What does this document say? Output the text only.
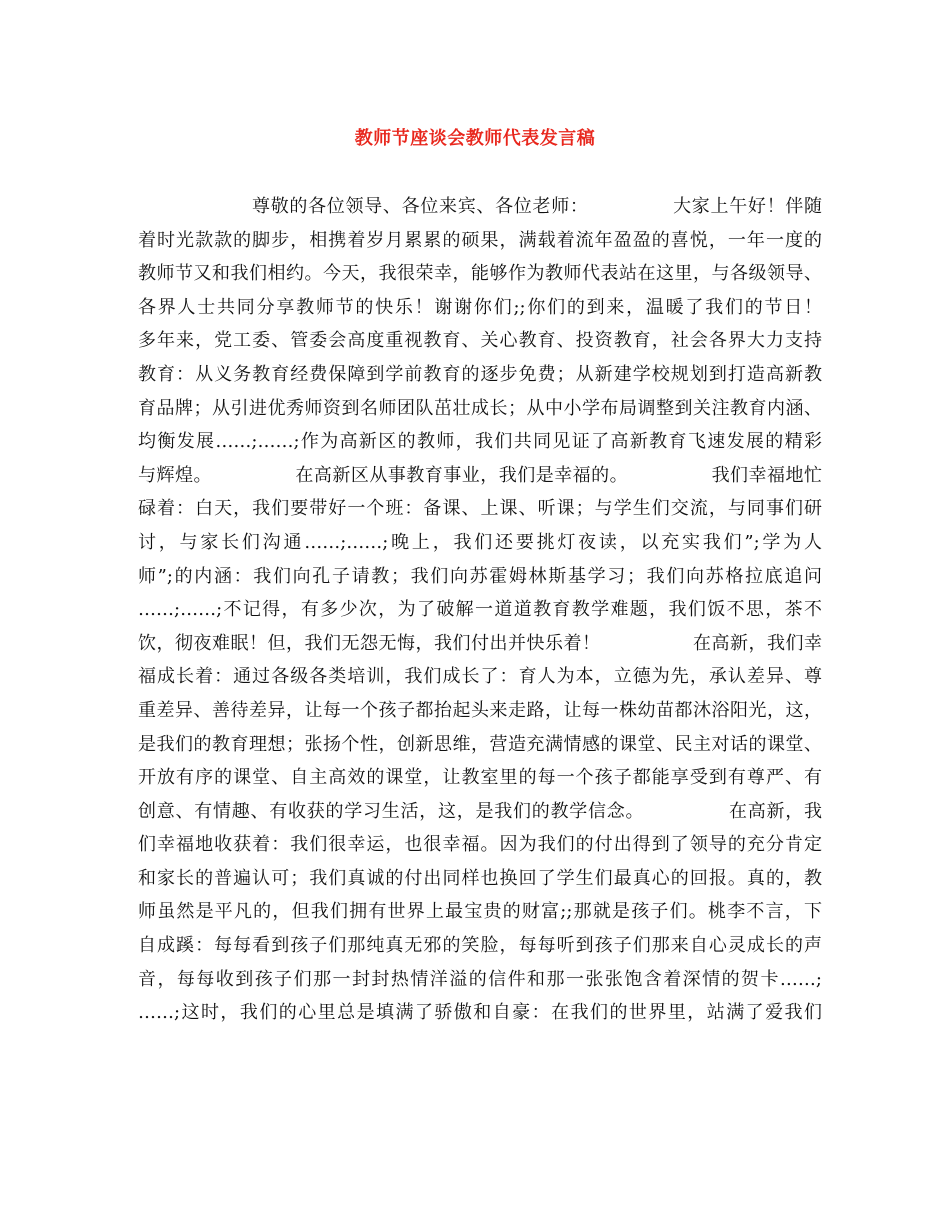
教师节座谈会教师代表发言稿
尊敬的各位领导、各位来宾、各位老师：　　　　　大家上午好！伴随
着时光款款的脚步，相携着岁月累累的硕果，满载着流年盈盈的喜悦，一年一度的
教师节又和我们相约。今天，我很荣幸，能够作为教师代表站在这里，与各级领导、
各界人士共同分享教师节的快乐！谢谢你们;;你们的到来，温暖了我们的节日！
多年来，党工委、管委会高度重视教育、关心教育、投资教育，社会各界大力支持
教育：从义务教育经费保障到学前教育的逐步免费；从新建学校规划到打造高新教
育品牌；从引进优秀师资到名师团队茁壮成长；从中小学布局调整到关注教育内涵、
均衡发展……;……;作为高新区的教师，我们共同见证了高新教育飞速发展的精彩
与辉煌。　　　　　在高新区从事教育事业，我们是幸福的。　　　　　我们幸福地忙
碌着：白天，我们要带好一个班：备课、上课、听课；与学生们交流，与同事们研
讨，与家长们沟通……;……;晚上，我们还要挑灯夜读，以充实我们”;学为人
师”;的内涵：我们向孔子请教；我们向苏霍姆林斯基学习；我们向苏格拉底追问
……;……;不记得，有多少次，为了破解一道道教育教学难题，我们饭不思，茶不
饮，彻夜难眠！但，我们无怨无悔，我们付出并快乐着！　　　　　在高新，我们幸
福成长着：通过各级各类培训，我们成长了：育人为本，立德为先，承认差异、尊
重差异、善待差异，让每一个孩子都抬起头来走路，让每一株幼苗都沐浴阳光，这，
是我们的教育理想；张扬个性，创新思维，营造充满情感的课堂、民主对话的课堂、
开放有序的课堂、自主高效的课堂，让教室里的每一个孩子都能享受到有尊严、有
创意、有情趣、有收获的学习生活，这，是我们的教学信念。　　　　　在高新，我
们幸福地收获着：我们很幸运，也很幸福。因为我们的付出得到了领导的充分肯定
和家长的普遍认可；我们真诚的付出同样也换回了学生们最真心的回报。真的，教
师虽然是平凡的，但我们拥有世界上最宝贵的财富;;那就是孩子们。桃李不言，下
自成蹊：每每看到孩子们那纯真无邪的笑脸，每每听到孩子们那来自心灵成长的声
音，每每收到孩子们那一封封热情洋溢的信件和那一张张饱含着深情的贺卡……;
……;这时，我们的心里总是填满了骄傲和自豪：在我们的世界里，站满了爱我们
